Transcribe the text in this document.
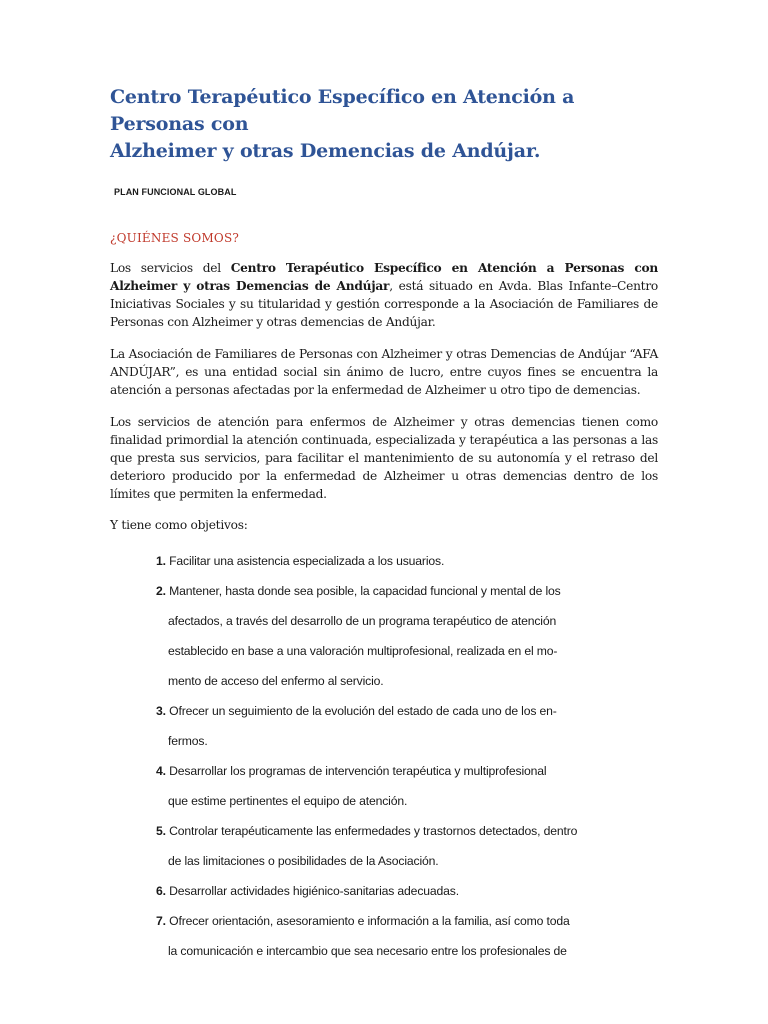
Centro Terapéutico Específico en Atención a Personas con
Alzheimer y otras Demencias de Andújar.
PLAN FUNCIONAL GLOBAL
¿QUIÉNES SOMOS?

Los servicios del Centro Terapéutico Específico en Atención a Personas con Alzheimer y otras Demencias de Andújar, está situado en Avda. Blas Infante–Centro Iniciativas Sociales y su titularidad y gestión corresponde a la Asociación de Familiares de Personas con Alzheimer y otras demencias de Andújar.

La Asociación de Familiares de Personas con Alzheimer y otras Demencias de Andújar “AFA ANDÚJAR”, es una entidad social sin ánimo de lucro, entre cuyos fines se encuentra la atención a personas afectadas por la enfermedad de Alzheimer u otro tipo de demencias.

Los servicios de atención para enfermos de Alzheimer y otras demencias tienen como finalidad primordial la atención continuada, especializada y terapéutica a las personas a las que presta sus servicios, para facilitar el mantenimiento de su autonomía y el retraso del deterioro producido por la enfermedad de Alzheimer u otras demencias dentro de los límites que permiten la enfermedad.

Y tiene como objetivos:

1. Facilitar una asistencia especializada a los usuarios.
2. Mantener, hasta donde sea posible, la capacidad funcional y mental de los
afectados, a través del desarrollo de un programa terapéutico de atención
establecido en base a una valoración multiprofesional, realizada en el mo-
mento de acceso del enfermo al servicio.
3. Ofrecer un seguimiento de la evolución del estado de cada uno de los en-
fermos.
4. Desarrollar los programas de intervención terapéutica y multiprofesional
que estime pertinentes el equipo de atención.
5. Controlar terapéuticamente las enfermedades y trastornos detectados, dentro
de las limitaciones o posibilidades de la Asociación.
6. Desarrollar actividades higiénico-sanitarias adecuadas.
7. Ofrecer orientación, asesoramiento e información a la familia, así como toda
la comunicación e intercambio que sea necesario entre los profesionales de
